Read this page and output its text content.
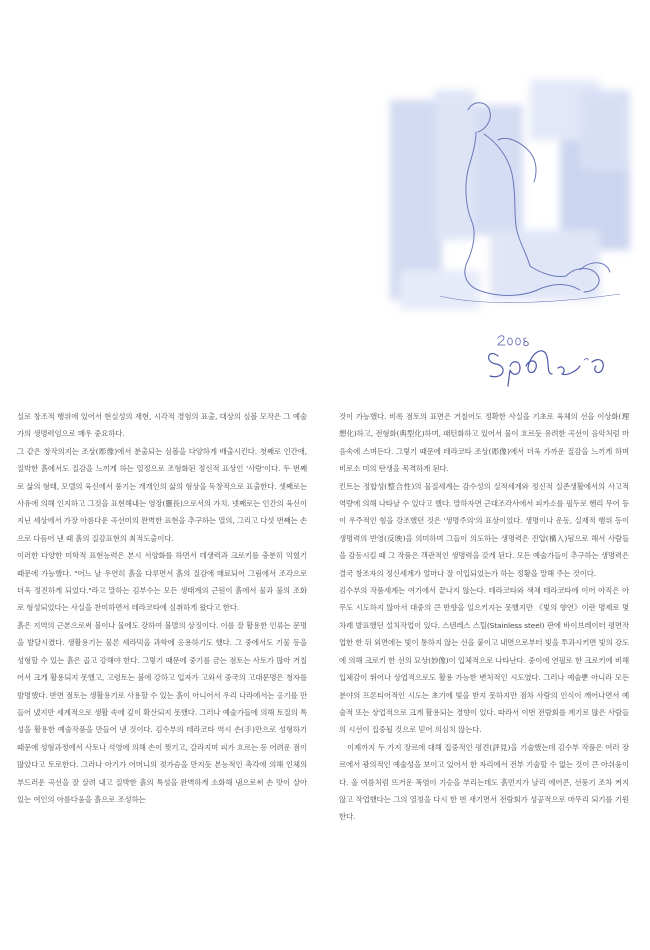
실로 창조적 행위에 있어서 현실성의 재현, 시각적 경험의 표출, 대상의 심볼 모작은 그 예술가의 생명력임으로 매우 중요하다.

그 같은 창작의지는 조상(彫像)에서 분출되는 심볼을 다양하게 배출시킨다. 첫째로 인간애, 질박한 흙에서도 질감을 느끼게 하는 열정으로 조형화된 정신적 표상인 '사랑'이다. 두 번째로 삶의 형태, 모델의 육신에서 풍기는 개개인의 삶의 형상을 독창적으로 표출한다. 셋째로는 사유에 의해 인지하고 그것을 표현해내는 영장(靈長)으로서의 가치. 넷째로는 인간의 육신이 지닌 세상에서 가장 아름다운 곡선미의 완벽한 표현을 추구하는 열의, 그리고 다섯 번째는 손으로 다듬어 낸 때 흙의 질감표현의 최적도출이다.

이러한 다양한 미학적 표현능력은 본시 서양화를 하면서 데생력과 크로키를 충분히 익혔기 때문에 가능했다. "어느 날 우연히 흙을 다루면서 흙의 질감에 매료되어 그림에서 조각으로 더욱 정진하게 되었다."라고 말하는 김부수는 모든 생태계의 근원이 흙에서 물과 불의 조화로 형성되었다는 사실을 찬미하면서 테라코타에 심취하게 왔다고 한다.

흙은 지역의 근본으로써 불이나 물에도 강하여 불멸의 상징이다. 이를 잘 활용한 인류는 문명을 발달시켰다. 생활용기는 물론 세라믹을 과학에 응용하기도 했다. 그 중에서도 기물 등을 성형할 수 있는 흙은 곱고 강해야 한다. 그렇기 때문에 중기를 금는 점토는 사토가 많아 거칠어서 크게 활용되지 못했고, 고령토는 불에 강하고 입자가 고와서 중국의 고대문명은 청자를 발명했다. 반면 점토는 생활용기로 사용할 수 있는 흙이 아니어서 우리 나라에서는 옹기를 만들어 냈지만 세계적으로 생활 속에 깊이 확산되지 못했다. 그러나 예술가들에 의해 토질의 특성을 활용한 예술작품을 만들어 낸 것이다. 김수부의 테라코타 역시 손(手)만으로 성형하기 때문에 성형과정에서 사토나 석영에 의해 손이 찢기고, 갈라지며 피가 흐르는 등 어려운 점이 많았다고 토로한다. 그러나 아기가 어머니의 젖가슴을 만지듯 본능적인 촉각에 의해 인체의 부드러운 곡선을 잘 살려 내고 질박한 흙의 특성을 완벽하게 소화해 냄으로써 손 맛이 살아 있는 여인의 아름다움을 흙으로 조성하는

것이 가능했다. 비록 점토의 표면은 거칠어도 정확한 사실을 기초로 육체의 선을 이상화(理想化)하고, 전형화(典型化)하며, 패턴화하고 있어서 물이 흐르듯 유려한 곡선이 음악처럼 마음속에 스며든다. 그렇기 때문에 테라코타 조상(彫像)에서 더욱 가까운 질감을 느끼게 하며 비로소 미의 탄생을 목격하게 된다.

킨트는 정합성(整合性)의 물질세계는 감수성의 실적세계와 정신적 실존생활에서의 사고적 역량에 의해 나타날 수 있다고 했다. 말하자면 근대조각사에서 피카소를 필두로 헨리 무어 등이 우주적인 힘을 강조했던 것은 '생명주의'의 표상이었다. 생명이나 운동, 실재적 행위 등이 생명력의 반영(反映)을 의미하며 그들이 의도하는 생명력은 진압(構入)됨으로 해서 사람들을 감동시킬 때 그 작품은 객관적인 생명력을 갖게 된다. 모든 예술가들이 추구하는 생명력은 결국 창조자의 정신세계가 얼마나 잘 이입되었는가 하는 정황을 말해 주는 것이다.

김수부의 작품세계는 여기에서 끝나지 않는다. 테라코타와 색채 테라코타에 이어 아직은 아무도 시도하지 않아서 대중의 큰 반향을 일으키지는 못했지만 《빛의 향연》이란 명제로 몇 차례 발표했던 설치작업이 있다. 스텐레스 스틸(Stainless steel) 판에 바이브레이터 평면작업한 한 뒤 외면에는 빛이 통하지 않는 선을 붙이고 내면으로부터 빛을 투과시키면 빛의 강도에 의해 크로키 한 선의 묘상(妙像)이 입체적으로 나타난다. 중이에 연필로 한 크로키에 비해 입체감이 뛰어나 상업적으로도 활용 가능한 변처적인 시도였다. 그러나 예술뿐 아니라 모든 분야의 프론티어적인 시도는 초기에 빛을 받지 못하지만 점차 사람의 인식이 깨어나면서 예술적 또는 상업적으로 크게 활용되는 경향이 있다. 따라서 이번 전람회를 계기로 많은 사람들의 시선이 집중될 것으로 믿어 의심치 않는다.

이제까지 두 가지 장르에 대해 집중적인 평견(評見)을 기술했는데 김수부 작품은 여러 장르에서 광의적인 예술성을 보이고 있어서 한 자리에서 전부 기술할 수 없는 것이 큰 아쉬움이다. 올 여름처럼 뜨거운 폭염이 기승을 부리는데도 흙먼지가 날리 에어콘, 선풍기 조차 켜지 않고 작업했다는 그의 열정을 다시 한 번 새기면서 전람회가 성공적으로 마무리 되기를 기원한다.
